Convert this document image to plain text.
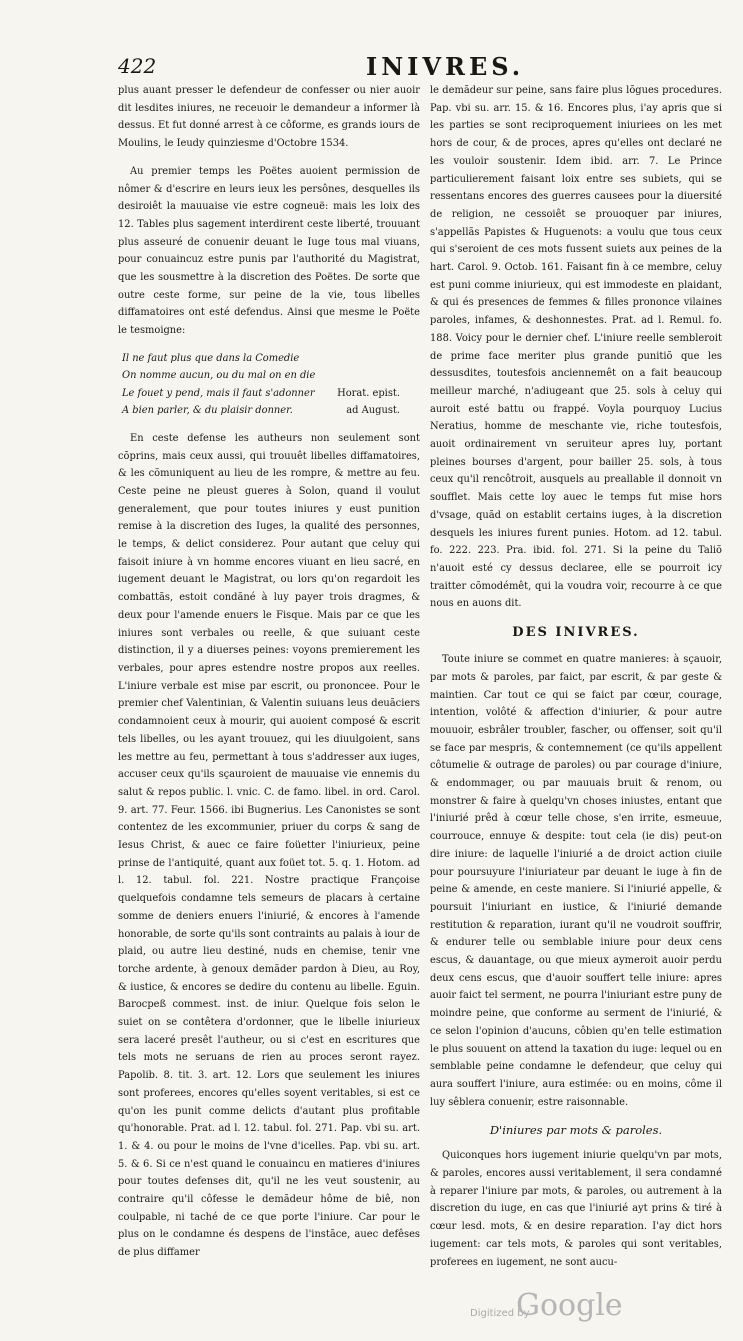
422	INIVRES.

plus auant presser le defendeur de confesser ou nier auoir dit lesdites iniures, ne receuoir le demandeur a informer là dessus. Et fut donné arrest à ce côforme, es grands iours de Moulins, le Ieudy quinziesme d'Octobre 1534.

Au premier temps les Poëtes auoient permission de nômer & d'escrire en leurs ieux les persônes, desquelles ils desiroiêt la mauuaise vie estre cogneuë: mais les loix des 12. Tables plus sagement interdirent ceste liberté, trouuant plus asseuré de conuenir deuant le Iuge tous mal viuans, pour conuaincuz estre punis par l'authorité du Magistrat, que les sousmettre à la discretion des Poëtes. De sorte que outre ceste forme, sur peine de la vie, tous libelles diffamatoires ont esté defendus. Ainsi que mesme le Poëte le tesmoigne:

Il ne faut plus que dans la Comedie
On nomme aucun, ou du mal on en die
Le fouet y pend, mais il faut s'adonner Horat. epist.
A bien parler, & du plaisir donner.	ad August.

En ceste defense les autheurs non seulement sont cõprins, mais ceux aussi, qui trouuêt libelles diffamatoires, & les cõmuniquent au lieu de les rompre, & mettre au feu. Ceste peine ne pleust gueres à Solon, quand il voulut generalement, que pour toutes iniures y eust punition remise à la discretion des Iuges, la qualité des personnes, le temps, & delict considerez. Pour autant que celuy qui faisoit iniure à vn homme encores viuant en lieu sacré, en iugement deuant le Magistrat, ou lors qu'on regardoit les combattãs, estoit condãné à luy payer trois dragmes, & deux pour l'amende enuers le Fisque. Mais par ce que les iniures sont verbales ou reelle, & que suiuant ceste distinction, il y a diuerses peines: voyons premierement les verbales, pour apres estendre nostre propos aux reelles. L'iniure verbale est mise par escrit, ou prononcee. Pour le premier chef Valentinian, & Valentin suiuans leus deuãciers condamnoient ceux à mourir, qui auoient composé & escrit tels libelles, ou les ayant trouuez, qui les diuulgoient, sans les mettre au feu, permettant à tous s'addresser aux iuges, accuser ceux qu'ils sçauroient de mauuaise vie ennemis du salut & repos public. l. vnic. C. de famo. libel. in ord. Carol. 9. art. 77. Feur. 1566. ibi Bugnerius. Les Canonistes se sont contentez de les excommunier, priuer du corps & sang de Iesus Christ, & auec ce faire foüetter l'iniurieux, peine prinse de l'antiquité, quant aux foüet tot. 5. q. 1. Hotom. ad l. 12. tabul. fol. 221. Nostre practique Françoise quelquefois condamne tels semeurs de placars à certaine somme de deniers enuers l'iniurié, & encores à l'amende honorable, de sorte qu'ils sont contraints au palais à iour de plaid, ou autre lieu destiné, nuds en chemise, tenir vne torche ardente, à genoux demãder pardon à Dieu, au Roy, & iustice, & encores se dedire du contenu au libelle. Eguin. Barocpeß commest. inst. de iniur. Quelque fois selon le suiet on se contêtera d'ordonner, que le libelle iniurieux sera laceré presêt l'autheur, ou si c'est en escritures que tels mots ne seruans de rien au proces seront rayez. Papolib. 8. tit. 3. art. 12. Lors que seulement les iniures sont proferees, encores qu'elles soyent veritables, si est ce qu'on les punit comme delicts d'autant plus profitable qu'honorable. Prat. ad l. 12. tabul. fol. 271. Pap. vbi su. art. 1. & 4. ou pour le moins de l'vne d'icelles. Pap. vbi su. art. 5. & 6. Si ce n'est quand le conuaincu en matieres d'iniures pour toutes defenses dit, qu'il ne les veut soustenir, au contraire qu'il côfesse le demãdeur hôme de biê, non coulpable, ni taché de ce que porte l'iniure. Car pour le plus on le condamne és despens de l'instãce, auec defêses de plus diffamer

le demãdeur sur peine, sans faire plus lõgues procedures. Pap. vbi su. arr. 15. & 16. Encores plus, i'ay apris que si les parties se sont reciproquement iniuriees on les met hors de cour, & de proces, apres qu'elles ont declaré ne les vouloir soustenir. Idem ibid. arr. 7. Le Prince particulierement faisant loix entre ses subiets, qui se ressentans encores des guerres causees pour la diuersité de religion, ne cessoiêt se prouoquer par iniures, s'appellãs Papistes & Huguenots: a voulu que tous ceux qui s'seroient de ces mots fussent suiets aux peines de la hart. Carol. 9. Octob. 161. Faisant fin à ce membre, celuy est puni comme iniurieux, qui est immodeste en plaidant, & qui és presences de femmes & filles prononce vilaines paroles, infames, & deshonnestes. Prat. ad l. Remul. fo. 188. Voicy pour le dernier chef. L'iniure reelle sembleroit de prime face meriter plus grande punitiõ que les dessusdites, toutesfois anciennemêt on a fait beaucoup meilleur marché, n'adiugeant que 25. sols à celuy qui auroit esté battu ou frappé. Voyla pourquoy Lucius Neratius, homme de meschante vie, riche toutesfois, auoit ordinairement vn seruiteur apres luy, portant pleines bourses d'argent, pour bailler 25. sols, à tous ceux qu'il rencôtroit, ausquels au preallable il donnoit vn soufflet. Mais cette loy auec le temps fut mise hors d'vsage, quãd on establit certains iuges, à la discretion desquels les iniures furent punies. Hotom. ad 12. tabul. fo. 222. 223. Pra. ibid. fol. 271. Si la peine du Taliõ n'auoit esté cy dessus declaree, elle se pourroit icy traitter cõmodémêt, qui la voudra voir, recourre à ce que nous en auons dit.

DES INIVRES.

Toute iniure se commet en quatre manieres: à sçauoir, par mots & paroles, par faict, par escrit, & par geste & maintien. Car tout ce qui se faict par cœur, courage, intention, volôté & affection d'iniurier, & pour autre mouuoir, esbrâler troubler, fascher, ou offenser, soit qu'il se face par mespris, & contemnement (ce qu'ils appellent côtumelie & outrage de paroles) ou par courage d'iniure, & endommager, ou par mauuais bruit & renom, ou monstrer & faire à quelqu'vn choses iniustes, entant que l'iniurié prêd à cœur telle chose, s'en irrite, esmeuue, courrouce, ennuye & despite: tout cela (ie dis) peut-on dire iniure: de laquelle l'iniurié a de droict action ciuile pour poursuyure l'iniuriateur par deuant le iuge à fin de peine & amende, en ceste maniere. Si l'iniurié appelle, & poursuit l'iniuriant en iustice, & l'iniurié demande restitution & reparation, iurant qu'il ne voudroit souffrir, & endurer telle ou semblable iniure pour deux cens escus, & dauantage, ou que mieux aymeroit auoir perdu deux cens escus, que d'auoir souffert telle iniure: apres auoir faict tel serment, ne pourra l'iniuriant estre puny de moindre peine, que conforme au serment de l'iniurié, & ce selon l'opinion d'aucuns, côbien qu'en telle estimation le plus souuent on attend la taxation du iuge: lequel ou en semblable peine condamne le defendeur, que celuy qui aura souffert l'iniure, aura estimée: ou en moins, côme il luy sêblera conuenir, estre raisonnable.

D'iniures par mots & paroles.

Quiconques hors iugement iniurie quelqu'vn par mots, & paroles, encores aussi veritablement, il sera condamné à reparer l'iniure par mots, & paroles, ou autrement à la discretion du iuge, en cas que l'iniurié ayt prins & tiré à cœur lesd. mots, & en desire reparation. I'ay dict hors iugement: car tels mots, & paroles qui sont veritables, proferees en iugement, ne sont aucu-

Digitized by
Google
